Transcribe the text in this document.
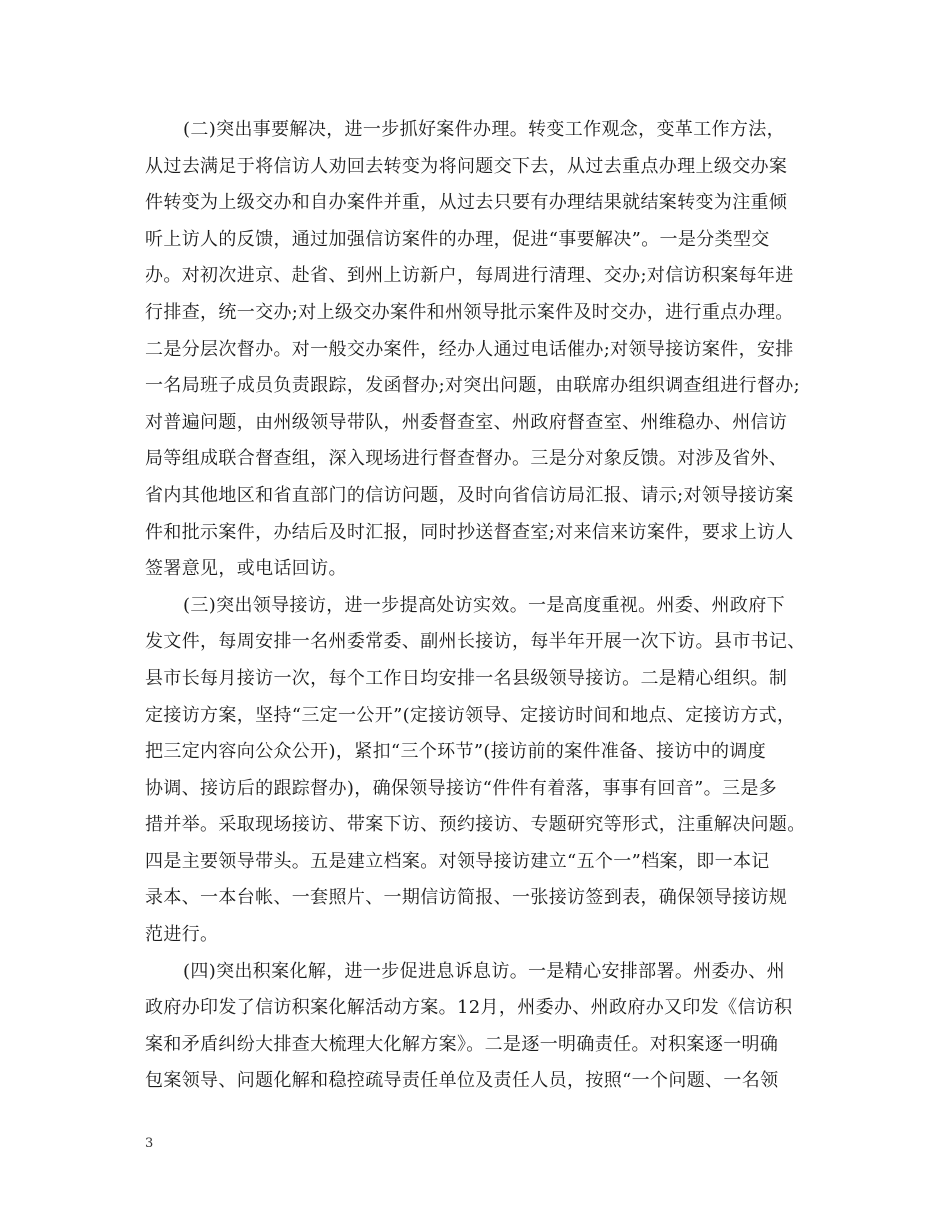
(二)突出事要解决，进一步抓好案件办理。转变工作观念，变革工作方法，
从过去满足于将信访人劝回去转变为将问题交下去，从过去重点办理上级交办案
件转变为上级交办和自办案件并重，从过去只要有办理结果就结案转变为注重倾
听上访人的反馈，通过加强信访案件的办理，促进“事要解决”。一是分类型交
办。对初次进京、赴省、到州上访新户，每周进行清理、交办;对信访积案每年进
行排查，统一交办;对上级交办案件和州领导批示案件及时交办，进行重点办理。
二是分层次督办。对一般交办案件，经办人通过电话催办;对领导接访案件，安排
一名局班子成员负责跟踪，发函督办;对突出问题，由联席办组织调查组进行督办;
对普遍问题，由州级领导带队，州委督查室、州政府督查室、州维稳办、州信访
局等组成联合督查组，深入现场进行督查督办。三是分对象反馈。对涉及省外、
省内其他地区和省直部门的信访问题，及时向省信访局汇报、请示;对领导接访案
件和批示案件，办结后及时汇报，同时抄送督查室;对来信来访案件，要求上访人
签署意见，或电话回访。
(三)突出领导接访，进一步提高处访实效。一是高度重视。州委、州政府下
发文件，每周安排一名州委常委、副州长接访，每半年开展一次下访。县市书记、
县市长每月接访一次，每个工作日均安排一名县级领导接访。二是精心组织。制
定接访方案，坚持“三定一公开”(定接访领导、定接访时间和地点、定接访方式，
把三定内容向公众公开)，紧扣“三个环节”(接访前的案件准备、接访中的调度
协调、接访后的跟踪督办)，确保领导接访“件件有着落，事事有回音”。三是多
措并举。采取现场接访、带案下访、预约接访、专题研究等形式，注重解决问题。
四是主要领导带头。五是建立档案。对领导接访建立“五个一”档案，即一本记
录本、一本台帐、一套照片、一期信访简报、一张接访签到表，确保领导接访规
范进行。
(四)突出积案化解，进一步促进息诉息访。一是精心安排部署。州委办、州
政府办印发了信访积案化解活动方案。12月，州委办、州政府办又印发《信访积
案和矛盾纠纷大排查大梳理大化解方案》。二是逐一明确责任。对积案逐一明确
包案领导、问题化解和稳控疏导责任单位及责任人员，按照“一个问题、一名领
3
